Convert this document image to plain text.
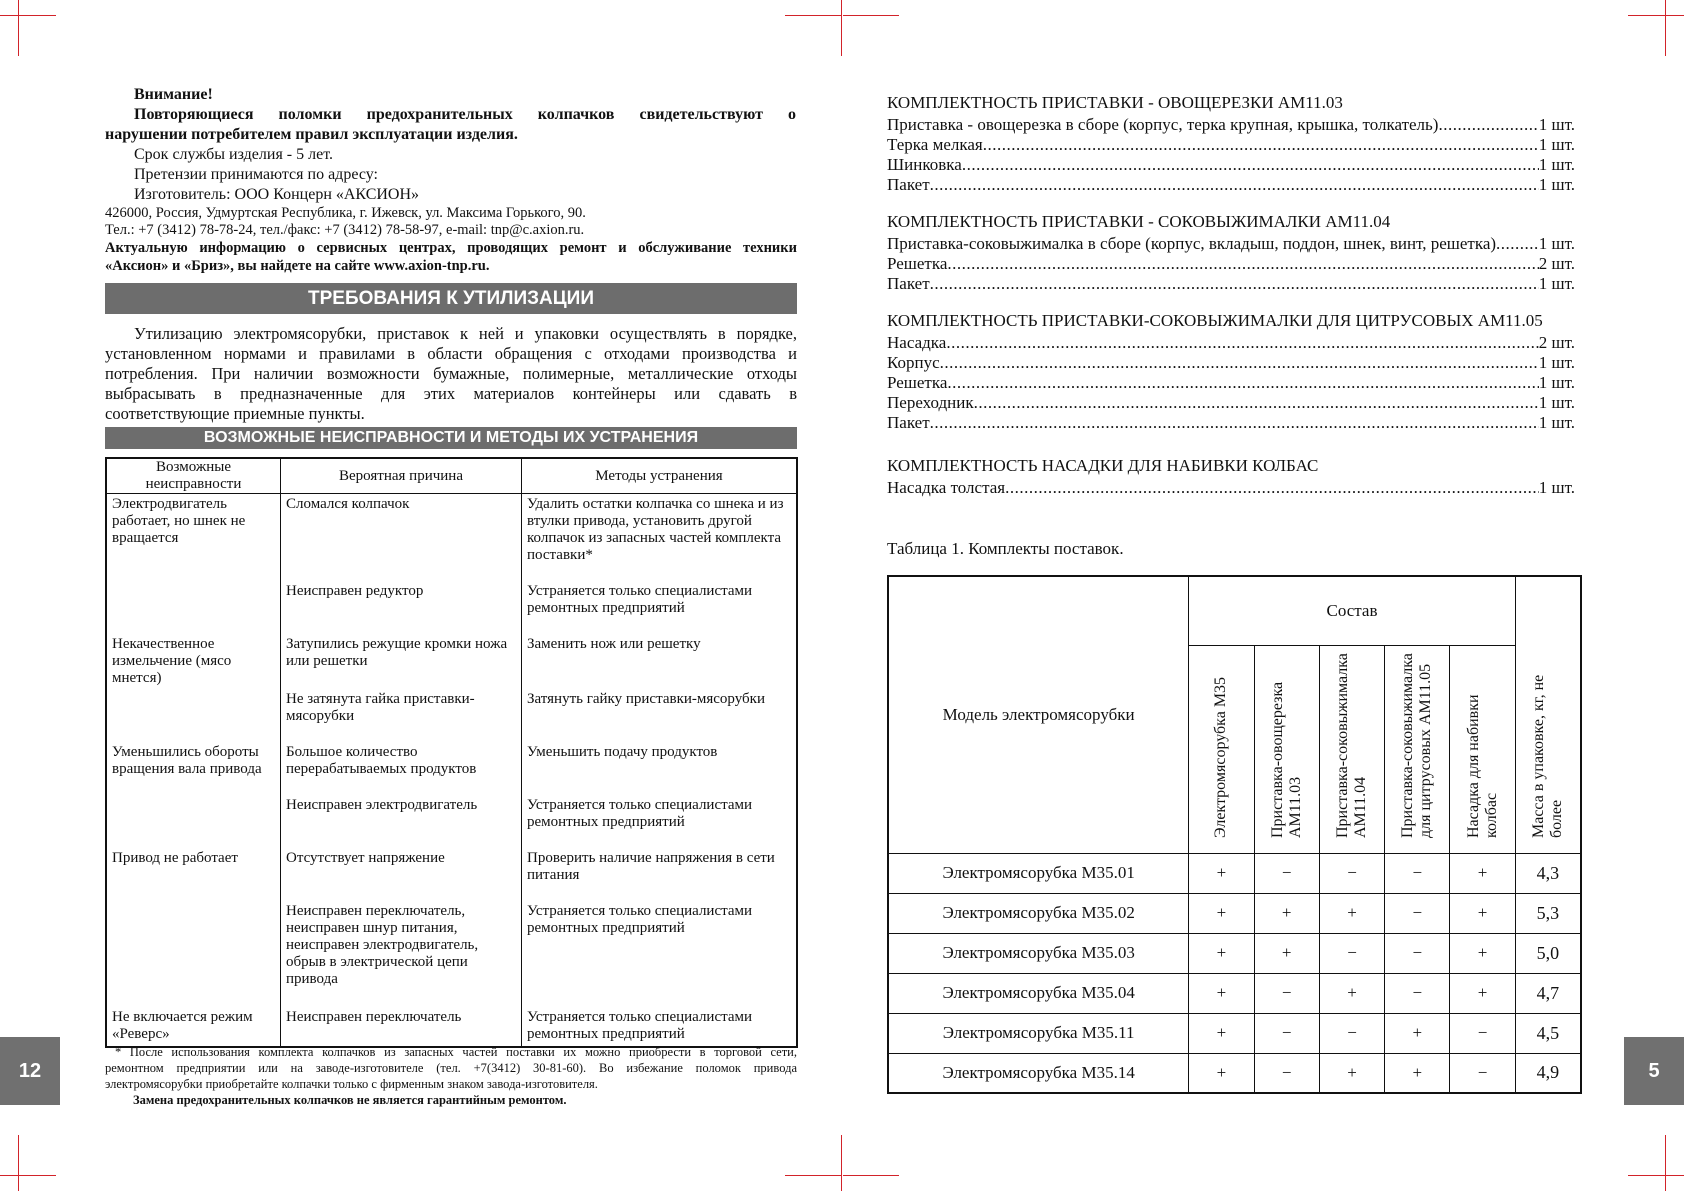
Внимание!
Повторяющиеся поломки предохранительных колпачков свидетельствуют о
нарушении потребителем правил эксплуатации изделия.
Срок службы изделия - 5 лет.
Претензии принимаются по адресу:
Изготовитель: ООО Концерн «АКСИОН»
426000, Россия, Удмуртская Республика, г. Ижевск, ул. Максима Горького, 90.
Тел.: +7 (3412) 78-78-24, тел./факс: +7 (3412) 78-58-97, e-mail: tnp@c.axion.ru.
Актуальную информацию о сервисных центрах, проводящих ремонт и обслуживание техники
«Аксион» и «Бриз», вы найдете на сайте www.axion-tnp.ru.
ТРЕБОВАНИЯ К УТИЛИЗАЦИИ
Утилизацию электромясорубки, приставок к ней и упаковки осуществлять в порядке,
установленном нормами и правилами в области обращения с отходами производства и
потребления. При наличии возможности бумажные, полимерные, металлические отходы
выбрасывать в предназначенные для этих материалов контейнеры или сдавать в
соответствующие приемные пункты.
ВОЗМОЖНЫЕ НЕИСПРАВНОСТИ И МЕТОДЫ ИХ УСТРАНЕНИЯ
Возможные неисправности	Вероятная причина	Методы устранения
Электродвигатель работает, но шнек не вращается	Сломался колпачок	Удалить остатки колпачка со шнека и из втулки привода, установить другой колпачок из запасных частей комплекта поставки*
	Неисправен редуктор	Устраняется только специалистами ремонтных предприятий
Некачественное измельчение (мясо мнется)	Затупились режущие кромки ножа или решетки	Заменить нож или решетку
	Не затянута гайка приставки-мясорубки	Затянуть гайку приставки-мясорубки
Уменьшились обороты вращения вала привода	Большое количество перерабатываемых продуктов	Уменьшить подачу продуктов
	Неисправен электродвигатель	Устраняется только специалистами ремонтных предприятий
Привод не работает	Отсутствует напряжение	Проверить наличие напряжения в сети питания
	Неисправен переключатель, неисправен шнур питания, неисправен электродвигатель, обрыв в электрической цепи привода	Устраняется только специалистами ремонтных предприятий
Не включается режим «Реверс»	Неисправен переключатель	Устраняется только специалистами ремонтных предприятий
* После использования комплекта колпачков из запасных частей поставки их можно приобрести в торговой сети,
ремонтном предприятии или на заводе-изготовителе (тел. +7(3412) 30-81-60). Во избежание поломок привода
электромясорубки приобретайте колпачки только с фирменным знаком завода-изготовителя.
Замена предохранительных колпачков не является гарантийным ремонтом.
12
КОМПЛЕКТНОСТЬ ПРИСТАВКИ - ОВОЩЕРЕЗКИ АМ11.03
Приставка - овощерезка в сборе (корпус, терка крупная, крышка, толкатель) .....	1 шт.
Терка мелкая .....	1 шт.
Шинковка .....	1 шт.
Пакет .....	1 шт.
КОМПЛЕКТНОСТЬ ПРИСТАВКИ - СОКОВЫЖИМАЛКИ АМ11.04
Приставка-соковыжималка в сборе (корпус, вкладыш, поддон, шнек, винт, решетка) .....	1 шт.
Решетка .....	2 шт.
Пакет .....	1 шт.
КОМПЛЕКТНОСТЬ ПРИСТАВКИ-СОКОВЫЖИМАЛКИ ДЛЯ ЦИТРУСОВЫХ АМ11.05
Насадка .....	2 шт.
Корпус .....	1 шт.
Решетка .....	1 шт.
Переходник .....	1 шт.
Пакет .....	1 шт.
КОМПЛЕКТНОСТЬ НАСАДКИ ДЛЯ НАБИВКИ КОЛБАС
Насадка толстая .....	1 шт.
Таблица 1. Комплекты поставок.
Модель электромясорубки	Состав					Масса в упаковке, кг, не более
	Электромясорубка М35	Приставка-овощерезка АМ11.03	Приставка-соковыжималка АМ11.04	Приставка-соковыжималка для цитрусовых АМ11.05	Насадка для набивки колбас	
Электромясорубка М35.01	+	−	−	−	+	4,3
Электромясорубка М35.02	+	+	+	−	+	5,3
Электромясорубка М35.03	+	+	−	−	+	5,0
Электромясорубка М35.04	+	−	+	−	+	4,7
Электромясорубка М35.11	+	−	−	+	−	4,5
Электромясорубка М35.14	+	−	+	+	−	4,9	5
